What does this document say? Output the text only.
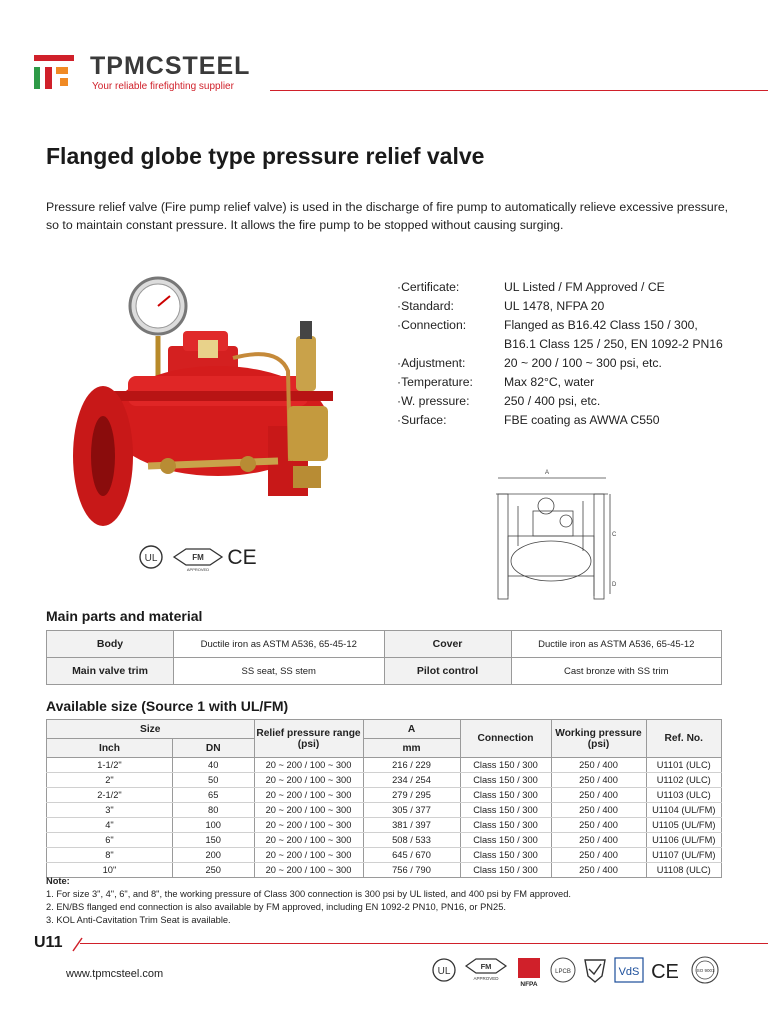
TPMCSTEEL
Your reliable firefighting supplier
Flanged globe type pressure relief valve

Pressure relief valve (Fire pump relief valve) is used in the discharge of fire pump to automatically relieve excessive pressure, so to maintain constant pressure. It allows the fire pump to be stopped without causing surging.

UL	FM
APPROVED
CE
· Certificate:	UL Listed / FM Approved / CE
· Standard:	UL 1478, NFPA 20
· Connection:	Flanged as B16.42 Class 150 / 300,
B16.1 Class 125 / 250, EN 1092-2 PN16
· Adjustment:	20 ~ 200 / 100 ~ 300 psi, etc.
· Temperature:	Max 82°C, water
· W. pressure:	250 / 400 psi, etc.
· Surface:	FBE coating as AWWA C550
A
C
D
Main parts and material
Body	Ductile iron as ASTM A536, 65-45-12	Cover	Ductile iron as ASTM A536, 65-45-12
Main valve trim	SS seat, SS stem	Pilot control	Cast bronze with SS trim
Available size (Source 1 with UL/FM)
Size		Relief pressure range (psi)	A	Connection	Working pressure (psi)	Ref. No.
Inch	DN		mm			
1-1/2"	40	20 ~ 200 / 100 ~ 300	216 / 229	Class 150 / 300	250 / 400	U1101 (ULC)
2"	50	20 ~ 200 / 100 ~ 300	234 / 254	Class 150 / 300	250 / 400	U1102 (ULC)
2-1/2"	65	20 ~ 200 / 100 ~ 300	279 / 295	Class 150 / 300	250 / 400	U1103 (ULC)
3"	80	20 ~ 200 / 100 ~ 300	305 / 377	Class 150 / 300	250 / 400	U1104 (UL/FM)
4"	100	20 ~ 200 / 100 ~ 300	381 / 397	Class 150 / 300	250 / 400	U1105 (UL/FM)
6"	150	20 ~ 200 / 100 ~ 300	508 / 533	Class 150 / 300	250 / 400	U1106 (UL/FM)
8"	200	20 ~ 200 / 100 ~ 300	645 / 670	Class 150 / 300	250 / 400	U1107 (UL/FM)
10"	250	20 ~ 200 / 100 ~ 300	756 / 790	Class 150 / 300	250 / 400	U1108 (ULC)
Note:
1. For size 3", 4", 6", and 8", the working pressure of Class 300 connection is 300 psi by UL listed, and 400 psi by FM approved.
2. EN/BS flanged end connection is also available by FM approved, including EN 1092-2 PN10, PN16, or PN25.
3. KOL Anti-Cavitation Trim Seat is available.
U11
www.tpmcsteel.com	UL	FM
APPROVED
NFPA
LPCB	VdS CE	ISO 9001
